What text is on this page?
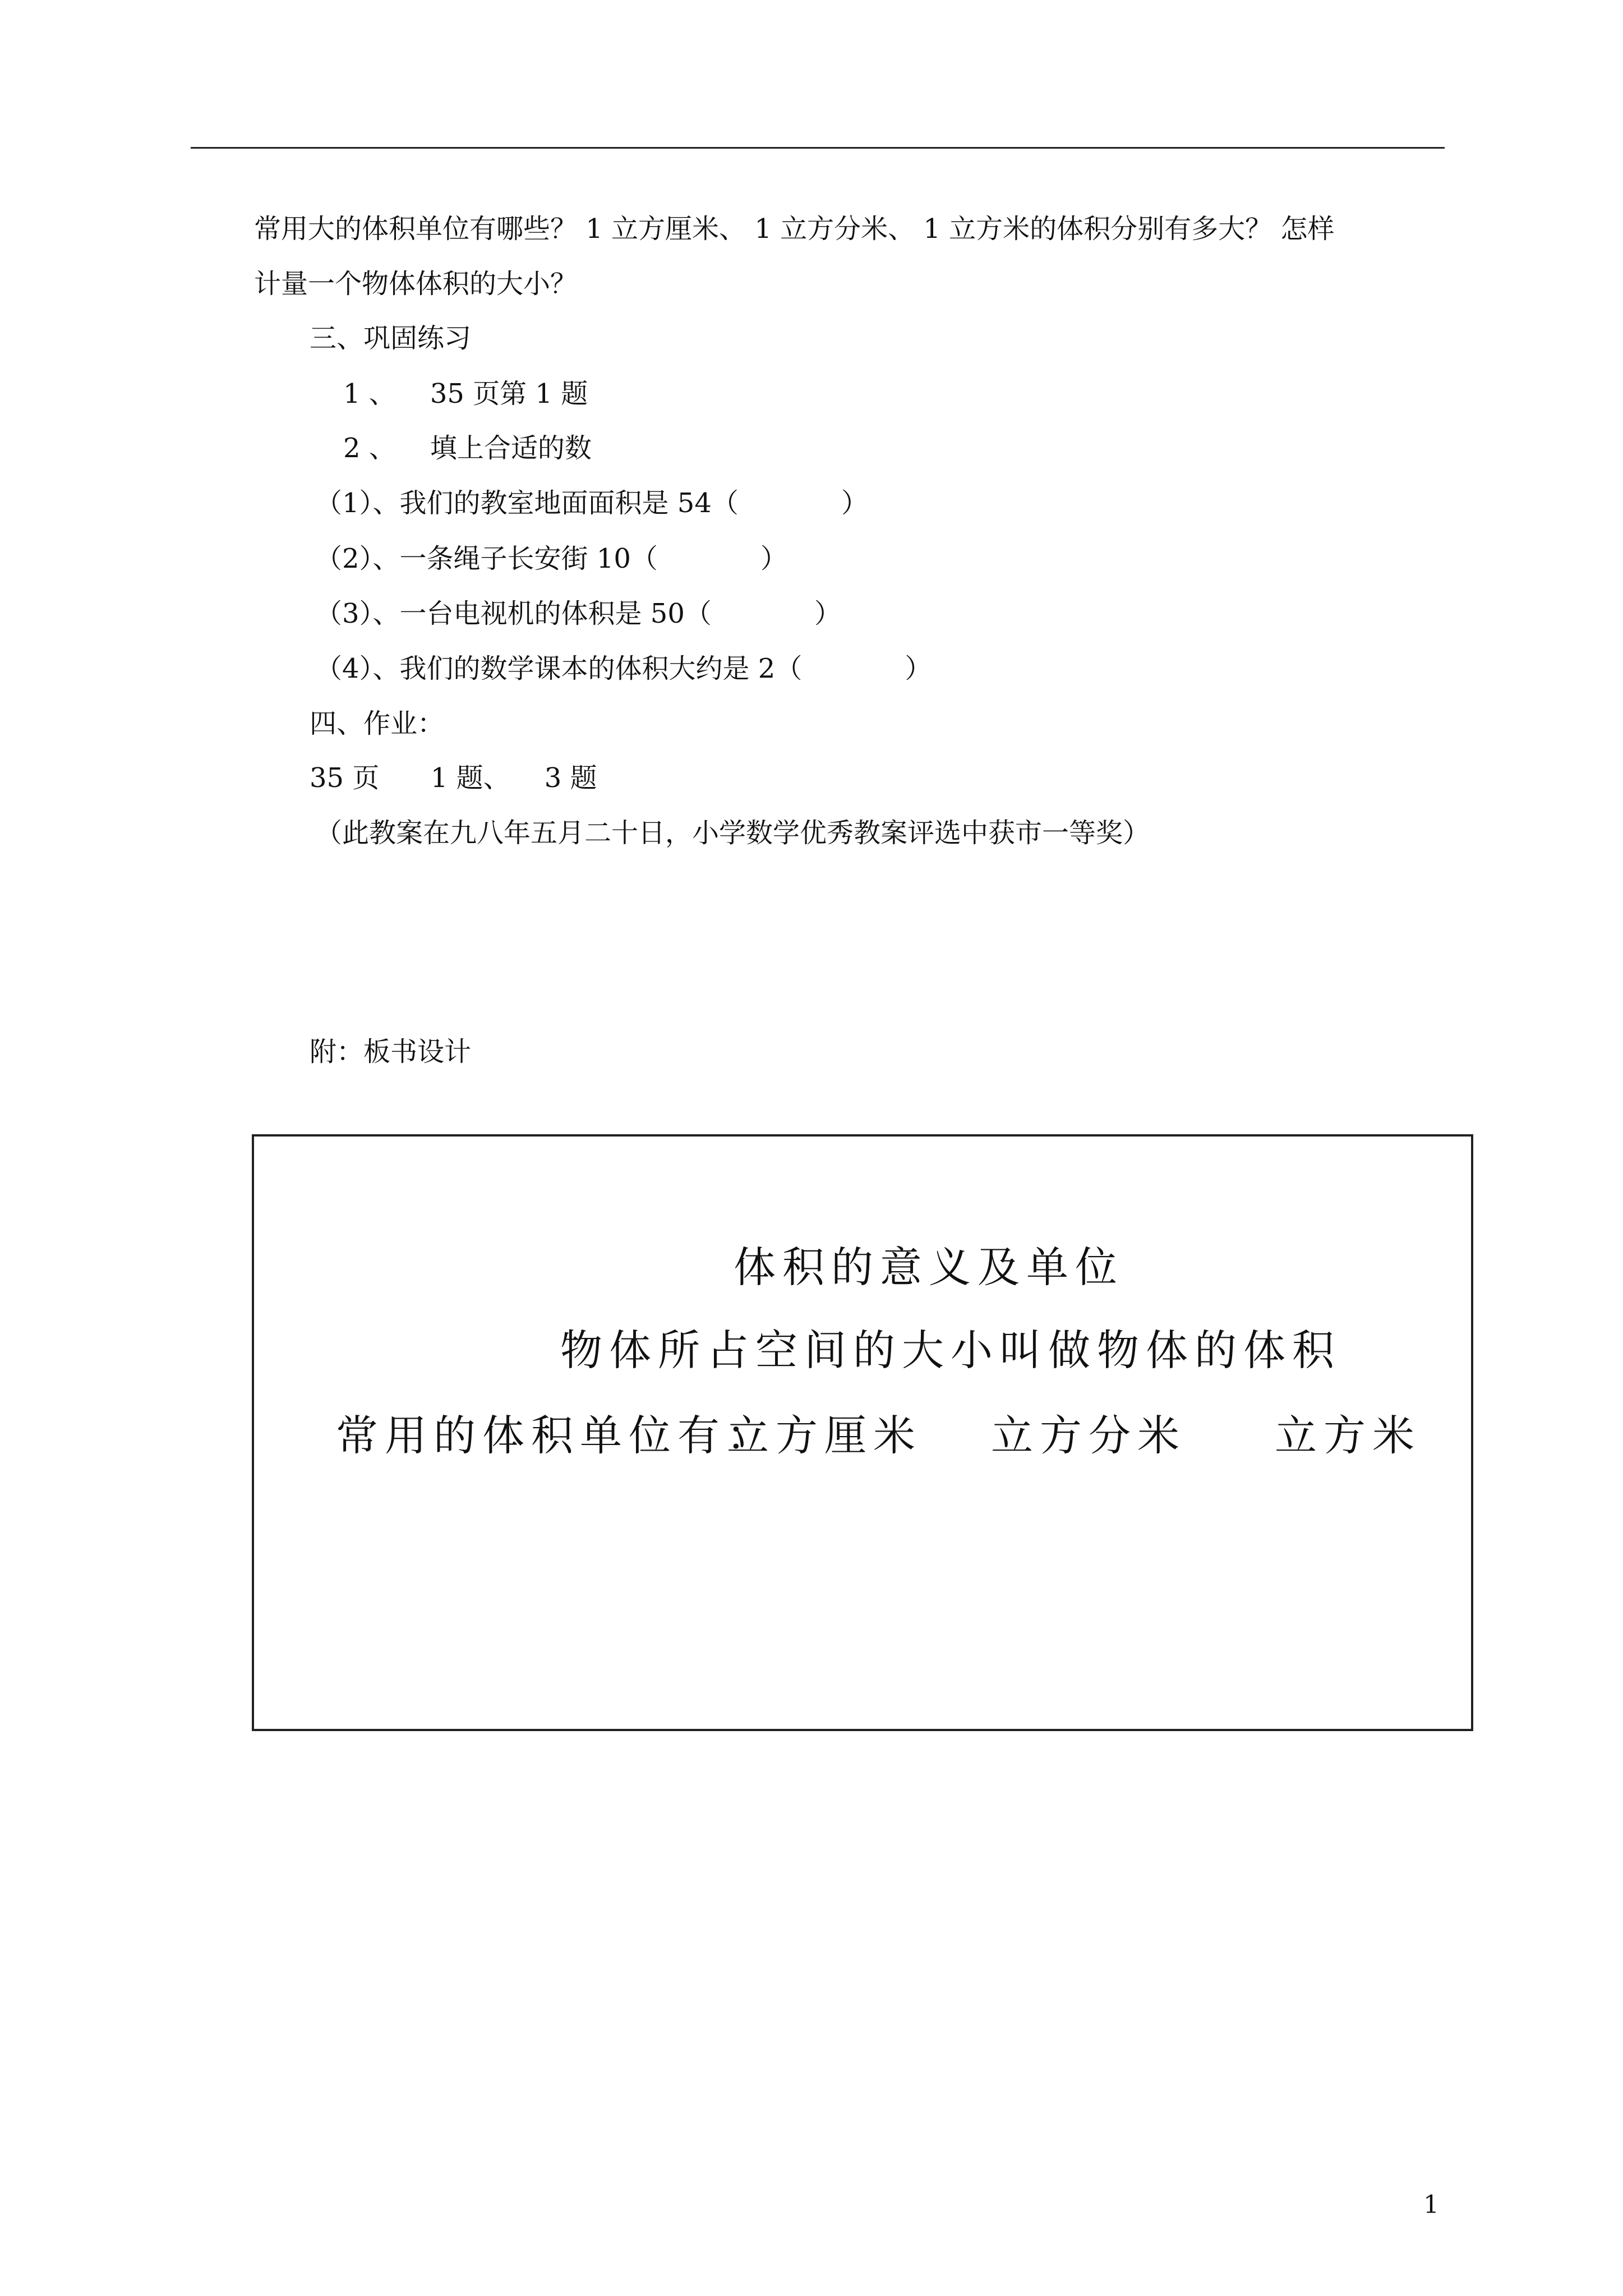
常用大的体积单位有哪些？ 1 立方厘米、 1 立方分米、 1 立方米的体积分别有多大？ 怎样
计量一个物体体积的大小？
三、巩固练习
1 、    35 页第 1 题
2 、    填上合适的数
（1）、我们的教室地面面积是 54（            ）
（2）、一条绳子长安街 10（            ）
（3）、一台电视机的体积是 50（            ）
（4）、我们的数学课本的体积大约是 2（            ）
四、作业：
35 页      1 题、    3 题
（此教案在九八年五月二十日，小学数学优秀教案评选中获市一等奖）
附：板书设计
体积的意义及单位
物体所占空间的大小叫做物体的体积
常用的体积单位有：
立方厘米 立方分米 立方米
1
